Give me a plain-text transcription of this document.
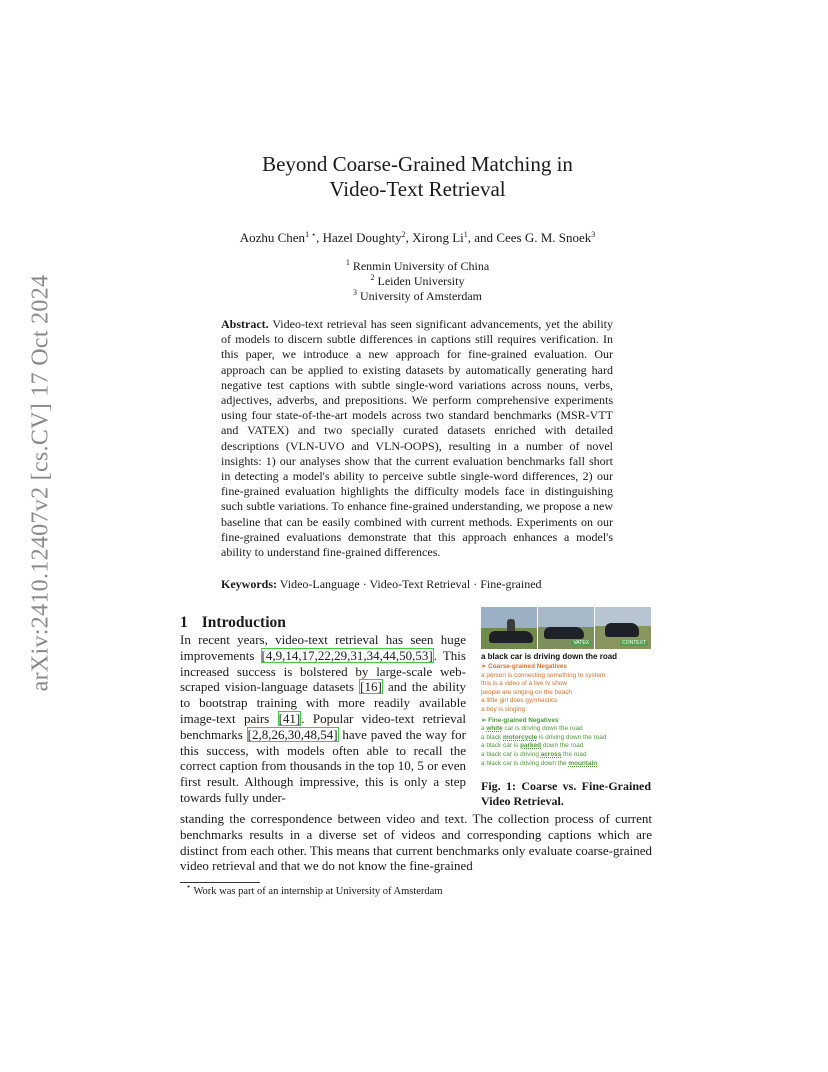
arXiv:2410.12407v2 [cs.CV] 17 Oct 2024
Beyond Coarse-Grained Matching in
Video-Text Retrieval
Aozhu Chen$^{1 ⋆}$, Hazel Doughty$^2$, Xirong Li$^1$, and Cees G. M. Snoek$^3$
$^1$ Renmin University of China
$^2$ Leiden University
$^3$ University of Amsterdam
Abstract. Video-text retrieval has seen significant advancements, yet the ability of models to discern subtle differences in captions still requires verification. In this paper, we introduce a new approach for fine-grained evaluation. Our approach can be applied to existing datasets by automatically generating hard negative test captions with subtle single-word variations across nouns, verbs, adjectives, adverbs, and prepositions. We perform comprehensive experiments using four state-of-the-art models across two standard benchmarks (MSR-VTT and VATEX) and two specially curated datasets enriched with detailed descriptions (VLN-UVO and VLN-OOPS), resulting in a number of novel insights: 1) our analyses show that the current evaluation benchmarks fall short in detecting a model's ability to perceive subtle single-word differences, 2) our fine-grained evaluation highlights the difficulty models face in distinguishing such subtle variations. To enhance fine-grained understanding, we propose a new baseline that can be easily combined with current methods. Experiments on our fine-grained evaluations demonstrate that this approach enhances a model's ability to understand fine-grained differences.
Keywords: Video-Language · Video-Text Retrieval · Fine-grained
1 Introduction
In recent years, video-text retrieval has seen huge improvements [4,9,14,17,22,29,31,34,44,50,53]. This increased success is bolstered by large-scale web-scraped vision-language datasets [16] and the ability to bootstrap training with more readily available image-text pairs [41]. Popular video-text retrieval benchmarks [2,8,26,30,48,54] have paved the way for this success, with models often able to recall the correct caption from thousands in the top 10, 5 or even first result. Although impressive, this is only a step towards fully under-
standing the correspondence between video and text. The collection process of current benchmarks results in a diverse set of videos and corresponding captions which are distinct from each other. This means that current benchmarks only evaluate coarse-grained video retrieval and that we do not know the fine-grained
VATEX	CONTEXT
a black car is driving down the road
➢ Coarse-grained Negatives
a person is connecting something to system
this is a video of a live tv show
people are singing on the beach
a little girl does gymnastics
a boy is singing
➢ Fine-grained Negatives
a white car is driving down the road
a black motorcycle is driving down the road
a black car is parked down the road
a black car is driving across the road
a black car is driving down the mountain
Fig. 1: Coarse vs. Fine-Grained Video Retrieval.
⋆ Work was part of an internship at University of Amsterdam
